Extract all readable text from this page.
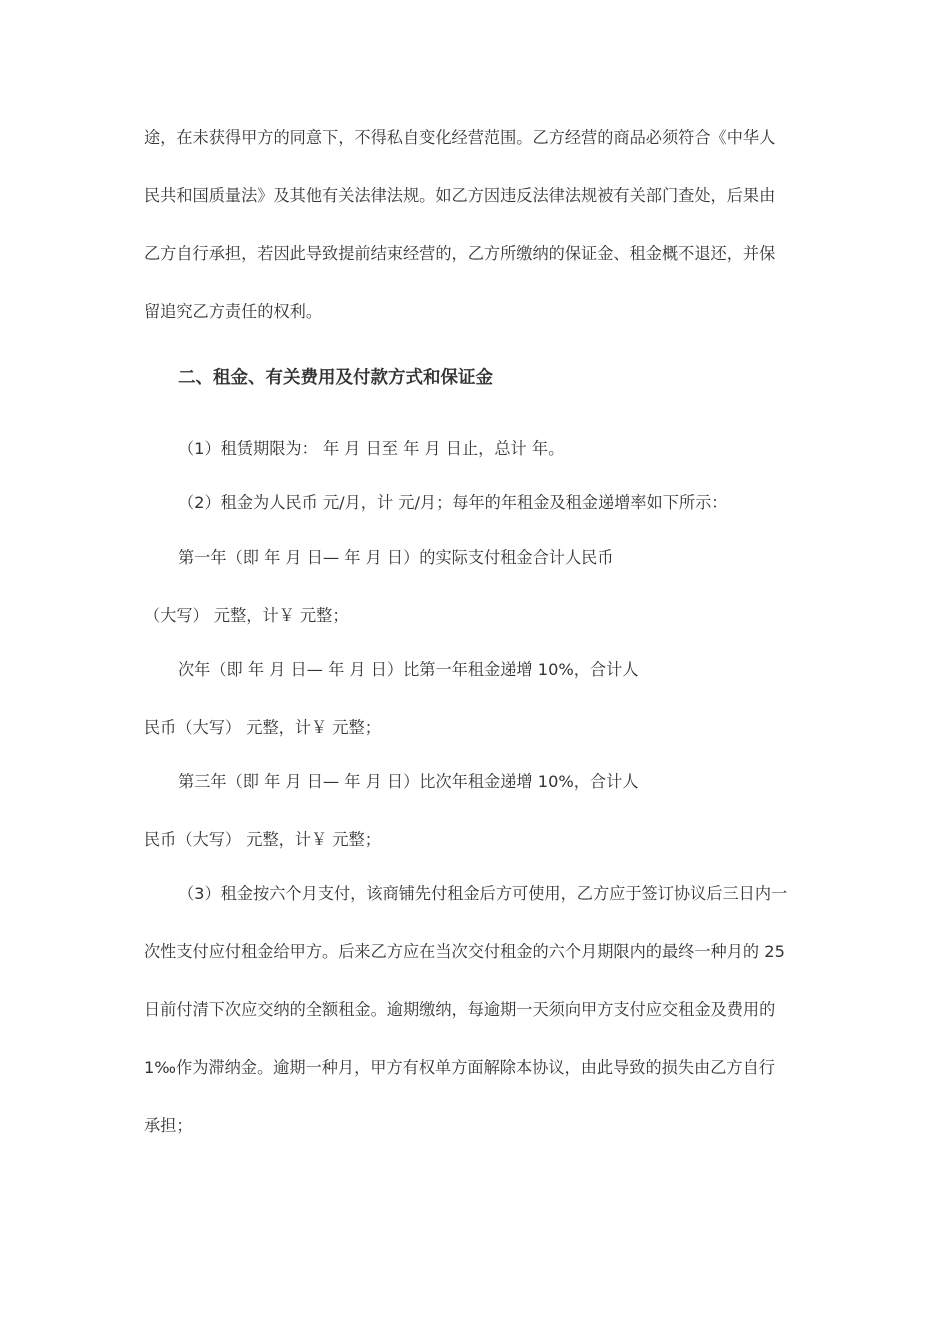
途，在未获得甲方的同意下，不得私自变化经营范围。乙方经营的商品必须符合《中华人
民共和国质量法》及其他有关法律法规。如乙方因违反法律法规被有关部门查处，后果由
乙方自行承担，若因此导致提前结束经营的，乙方所缴纳的保证金、租金概不退还，并保
留追究乙方责任的权利。
二、租金、有关费用及付款方式和保证金
（1）租赁期限为： 年 月 日至 年 月 日止，总计 年。
（2）租金为人民币 元/月，计 元/月；每年的年租金及租金递增率如下所示：
第一年（即 年 月 日— 年 月 日）的实际支付租金合计人民币
（大写） 元整，计￥ 元整；
次年（即 年 月 日— 年 月 日）比第一年租金递增 10%，合计人
民币（大写） 元整，计￥ 元整；
第三年（即 年 月 日— 年 月 日）比次年租金递增 10%，合计人
民币（大写） 元整，计￥ 元整；
（3）租金按六个月支付，该商铺先付租金后方可使用，乙方应于签订协议后三日内一
次性支付应付租金给甲方。后来乙方应在当次交付租金的六个月期限内的最终一种月的 25
日前付清下次应交纳的全额租金。逾期缴纳，每逾期一天须向甲方支付应交租金及费用的
1‰作为滞纳金。逾期一种月，甲方有权单方面解除本协议，由此导致的损失由乙方自行
承担；
